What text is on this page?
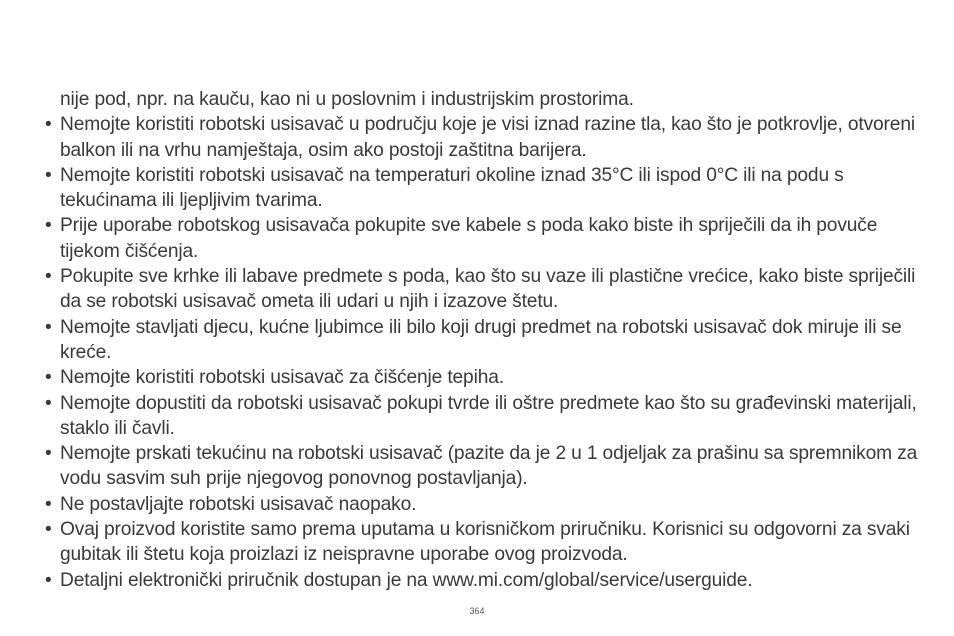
nije pod, npr. na kauču, kao ni u poslovnim i industrijskim prostorima.

• Nemojte koristiti robotski usisavač u području koje je visi iznad razine tla, kao što je potkrovlje, otvoreni balkon ili na vrhu namještaja, osim ako postoji zaštitna barijera.
• Nemojte koristiti robotski usisavač na temperaturi okoline iznad 35°C ili ispod 0°C ili na podu s tekućinama ili ljepljivim tvarima.
• Prije uporabe robotskog usisavača pokupite sve kabele s poda kako biste ih spriječili da ih povuče tijekom čišćenja.
• Pokupite sve krhke ili labave predmete s poda, kao što su vaze ili plastične vrećice, kako biste spriječili da se robotski usisavač ometa ili udari u njih i izazove štetu.
• Nemojte stavljati djecu, kućne ljubimce ili bilo koji drugi predmet na robotski usisavač dok miruje ili se kreće.
• Nemojte koristiti robotski usisavač za čišćenje tepiha.
• Nemojte dopustiti da robotski usisavač pokupi tvrde ili oštre predmete kao što su građevinski materijali, staklo ili čavli.
• Nemojte prskati tekućinu na robotski usisavač (pazite da je 2 u 1 odjeljak za prašinu sa spremnikom za vodu sasvim suh prije njegovog ponovnog postavljanja).
• Ne postavljajte robotski usisavač naopako.
• Ovaj proizvod koristite samo prema uputama u korisničkom priručniku. Korisnici su odgovorni za svaki gubitak ili štetu koja proizlazi iz neispravne uporabe ovog proizvoda.
• Detaljni elektronički priručnik dostupan je na www.mi.com/global/service/userguide.
364
